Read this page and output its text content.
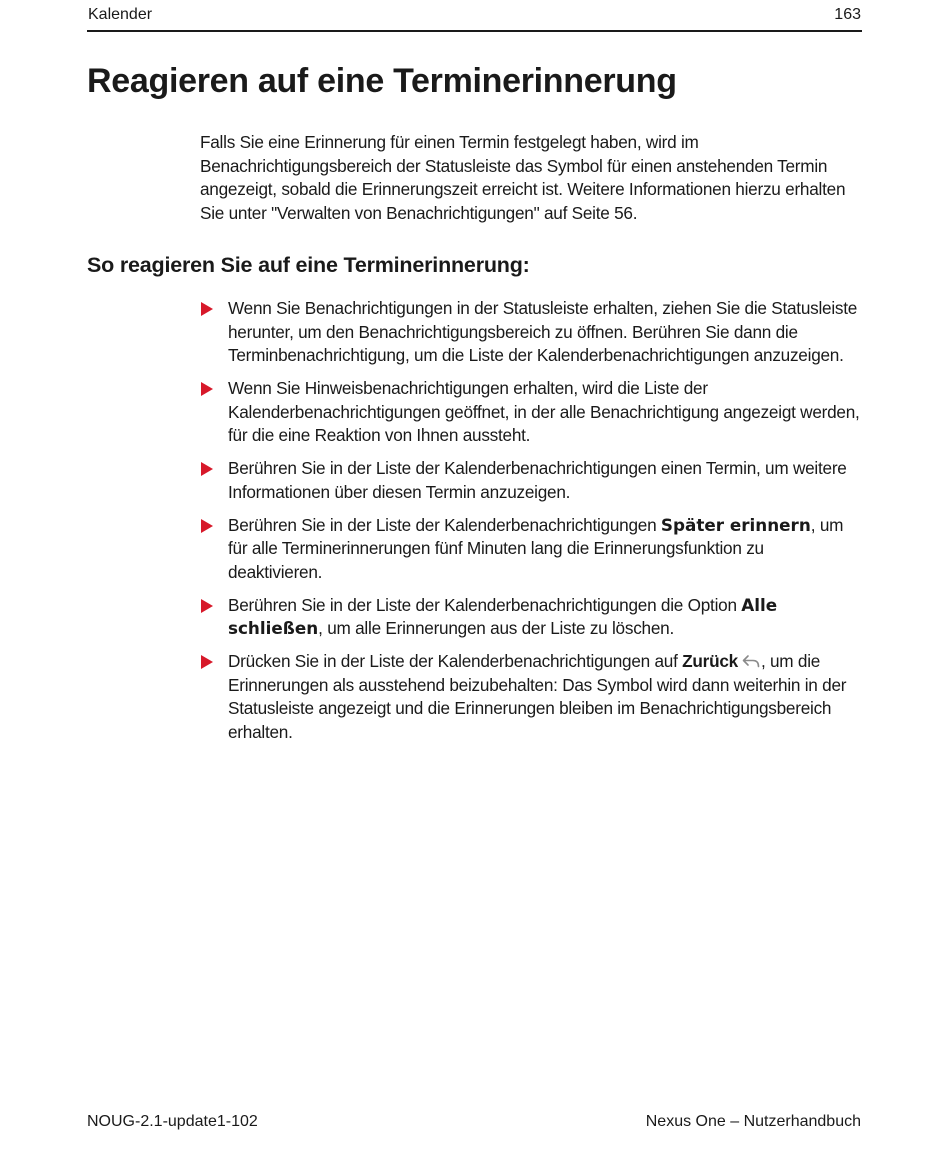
Kalender	163
Reagieren auf eine Terminerinnerung

Falls Sie eine Erinnerung für einen Termin festgelegt haben, wird im Benachrichtigungsbereich der Statusleiste das Symbol für einen anstehenden Termin angezeigt, sobald die Erinnerungszeit erreicht ist. Weitere Informationen hierzu erhalten Sie unter "Verwalten von Benachrichtigungen" auf Seite 56.

So reagieren Sie auf eine Terminerinnerung:
Wenn Sie Benachrichtigungen in der Statusleiste erhalten, ziehen Sie die Statusleiste herunter, um den Benachrichtigungsbereich zu öffnen. Berühren Sie dann die Terminbenachrichtigung, um die Liste der Kalenderbenachrichtigungen anzuzeigen.
Wenn Sie Hinweisbenachrichtigungen erhalten, wird die Liste der Kalenderbenachrichtigungen geöffnet, in der alle Benachrichtigung angezeigt werden, für die eine Reaktion von Ihnen aussteht.
Berühren Sie in der Liste der Kalenderbenachrichtigungen einen Termin, um weitere Informationen über diesen Termin anzuzeigen.
Berühren Sie in der Liste der Kalenderbenachrichtigungen Später erinnern, um für alle Terminerinnerungen fünf Minuten lang die Erinnerungsfunktion zu deaktivieren.
Berühren Sie in der Liste der Kalenderbenachrichtigungen die Option Alle schließen, um alle Erinnerungen aus der Liste zu löschen.
Drücken Sie in der Liste der Kalenderbenachrichtigungen auf Zurück , um die Erinnerungen als ausstehend beizubehalten: Das Symbol wird dann weiterhin in der Statusleiste angezeigt und die Erinnerungen bleiben im Benachrichtigungsbereich erhalten.
NOUG-2.1-update1-102	Nexus One – Nutzerhandbuch
